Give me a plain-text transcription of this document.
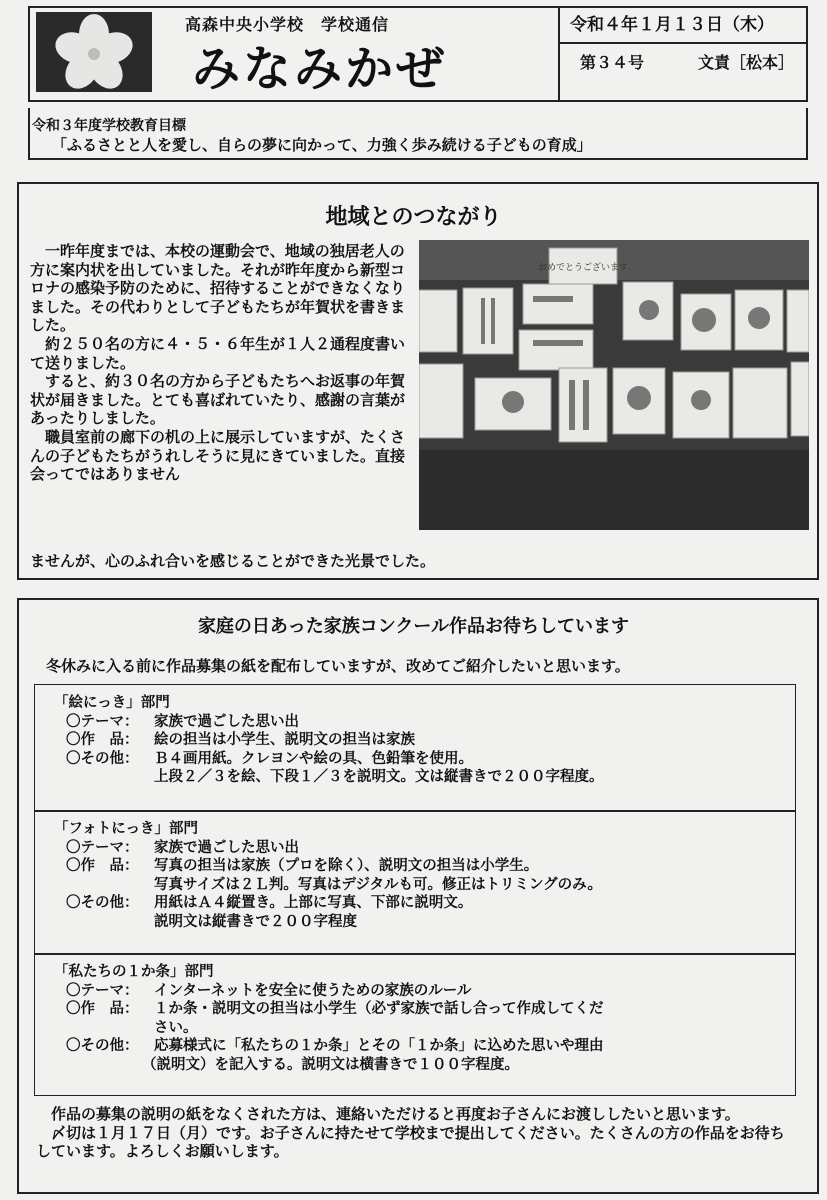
高森中央小学校　学校通信
みなみかぜ
令和４年１月１３日（木）
第３４号	文責［松本］
令和３年度学校教育目標
「ふるさとと人を愛し、自らの夢に向かって、力強く歩み続ける子どもの育成」
地域とのつながり

一昨年度までは、本校の運動会で、地域の独居老人の方に案内状を出していました。それが昨年度から新型コロナの感染予防のために、招待することができなくなりました。その代わりとして子どもたちが年賀状を書きました。

約２５０名の方に４・５・６年生が１人２通程度書いて送りました。

すると、約３０名の方から子どもたちへお返事の年賀状が届きました。とても喜ばれていたり、感謝の言葉があったりしました。

職員室前の廊下の机の上に展示していますが、たくさんの子どもたちがうれしそうに見にきていました。直接会ってではありません

ませんが、心のふれ合いを感じることができた光景でした。
おめでとうございます
家庭の日あった家族コンクール作品お待ちしています
冬休みに入る前に作品募集の紙を配布していますが、改めてご紹介したいと思います。
「絵にっき」部門
〇テーマ：	家族で過ごした思い出
〇作　品：	絵の担当は小学生、説明文の担当は家族
〇その他：	Ｂ４画用紙。クレヨンや絵の具、色鉛筆を使用。
上段２／３を絵、下段１／３を説明文。文は縦書きで２００字程度。
「フォトにっき」部門
〇テーマ：	家族で過ごした思い出
〇作　品：	写真の担当は家族（プロを除く）、説明文の担当は小学生。
写真サイズは２Ｌ判。写真はデジタルも可。修正はトリミングのみ。
〇その他：	用紙はＡ４縦置き。上部に写真、下部に説明文。
説明文は縦書きで２００字程度
「私たちの１か条」部門
〇テーマ：	インターネットを安全に使うための家族のルール
〇作　品：	１か条・説明文の担当は小学生（必ず家族で話し合って作成してくだ
さい。
〇その他：	応募様式に「私たちの１か条」とその「１か条」に込めた思いや理由
（説明文）を記入する。説明文は横書きで１００字程度。

作品の募集の説明の紙をなくされた方は、連絡いただけると再度お子さんにお渡ししたいと思います。

〆切は１月１７日（月）です。お子さんに持たせて学校まで提出してください。たくさんの方の作品をお待ちしています。よろしくお願いします。
